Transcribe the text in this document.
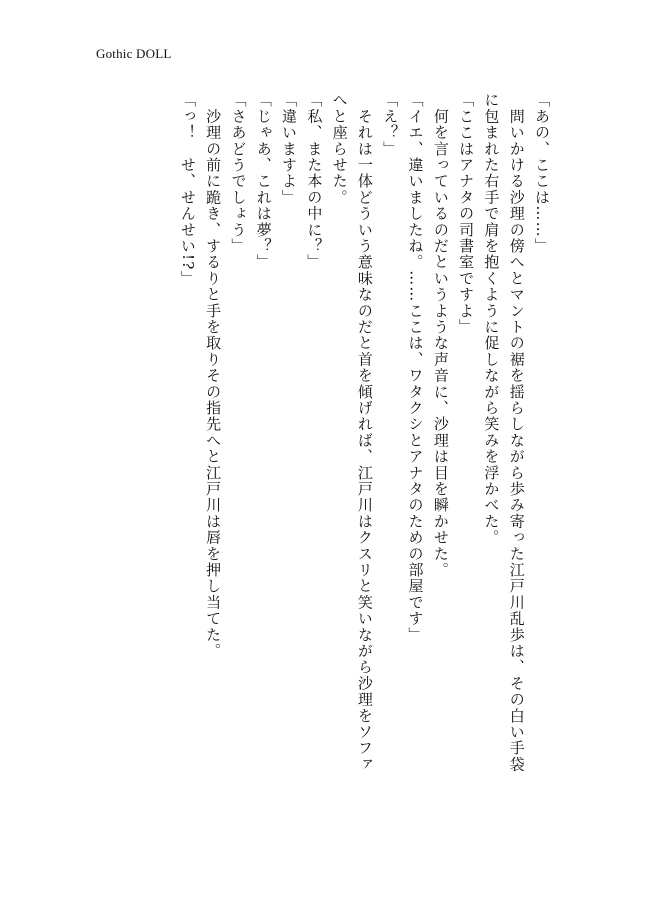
Gothic DOLL
「あの、ここは……」
　問いかける沙理の傍へとマントの裾を揺らしながら歩み寄った江戸川乱歩は、その白い手袋
に包まれた右手で肩を抱くように促しながら笑みを浮かべた。
「ここはアナタの司書室ですよ」
　何を言っているのだというような声音に、沙理は目を瞬かせた。
「イエ、違いましたね。……ここは、ワタクシとアナタのための部屋です」
「え？」
　それは一体どういう意味なのだと首を傾げれば、江戸川はクスリと笑いながら沙理をソファ
へと座らせた。
「私、また本の中に？」
「違いますよ」
「じゃあ、これは夢？」
「さあどうでしょう」
　沙理の前に跪き、するりと手を取りその指先へと江戸川は唇を押し当てた。
「っ！　せ、せんせい!?」
